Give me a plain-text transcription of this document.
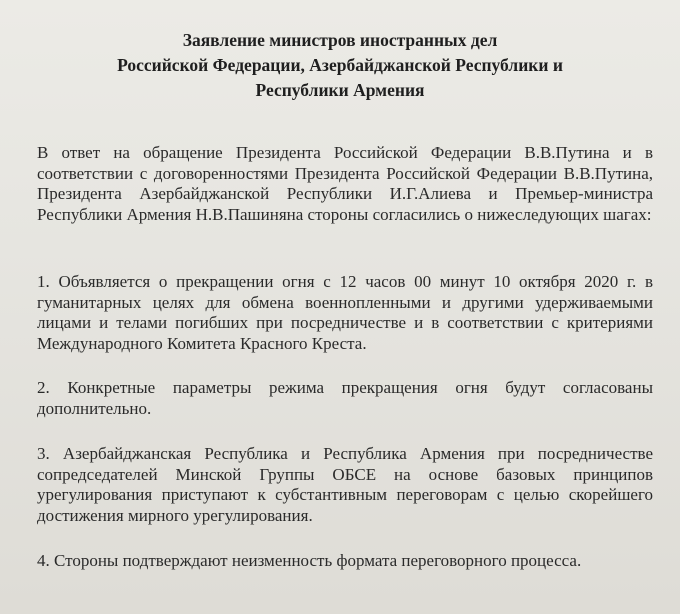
Заявление министров иностранных дел
Российской Федерации, Азербайджанской Республики и
Республики Армения
В ответ на обращение Президента Российской Федерации В.В.Путина и в соответствии с договоренностями Президента Российской Федерации В.В.Путина, Президента Азербайджанской Республики И.Г.Алиева и Премьер-министра Республики Армения Н.В.Пашиняна стороны согласились о нижеследующих шагах:
1. Объявляется о прекращении огня с 12 часов 00 минут 10 октября 2020 г. в гуманитарных целях для обмена военнопленными и другими удерживаемыми лицами и телами погибших при посредничестве и в соответствии с критериями Международного Комитета Красного Креста.
2. Конкретные параметры режима прекращения огня будут согласованы дополнительно.
3. Азербайджанская Республика и Республика Армения при посредничестве сопредседателей Минской Группы ОБСЕ на основе базовых принципов урегулирования приступают к субстантивным переговорам с целью скорейшего достижения мирного урегулирования.
4. Стороны подтверждают неизменность формата переговорного процесса.
